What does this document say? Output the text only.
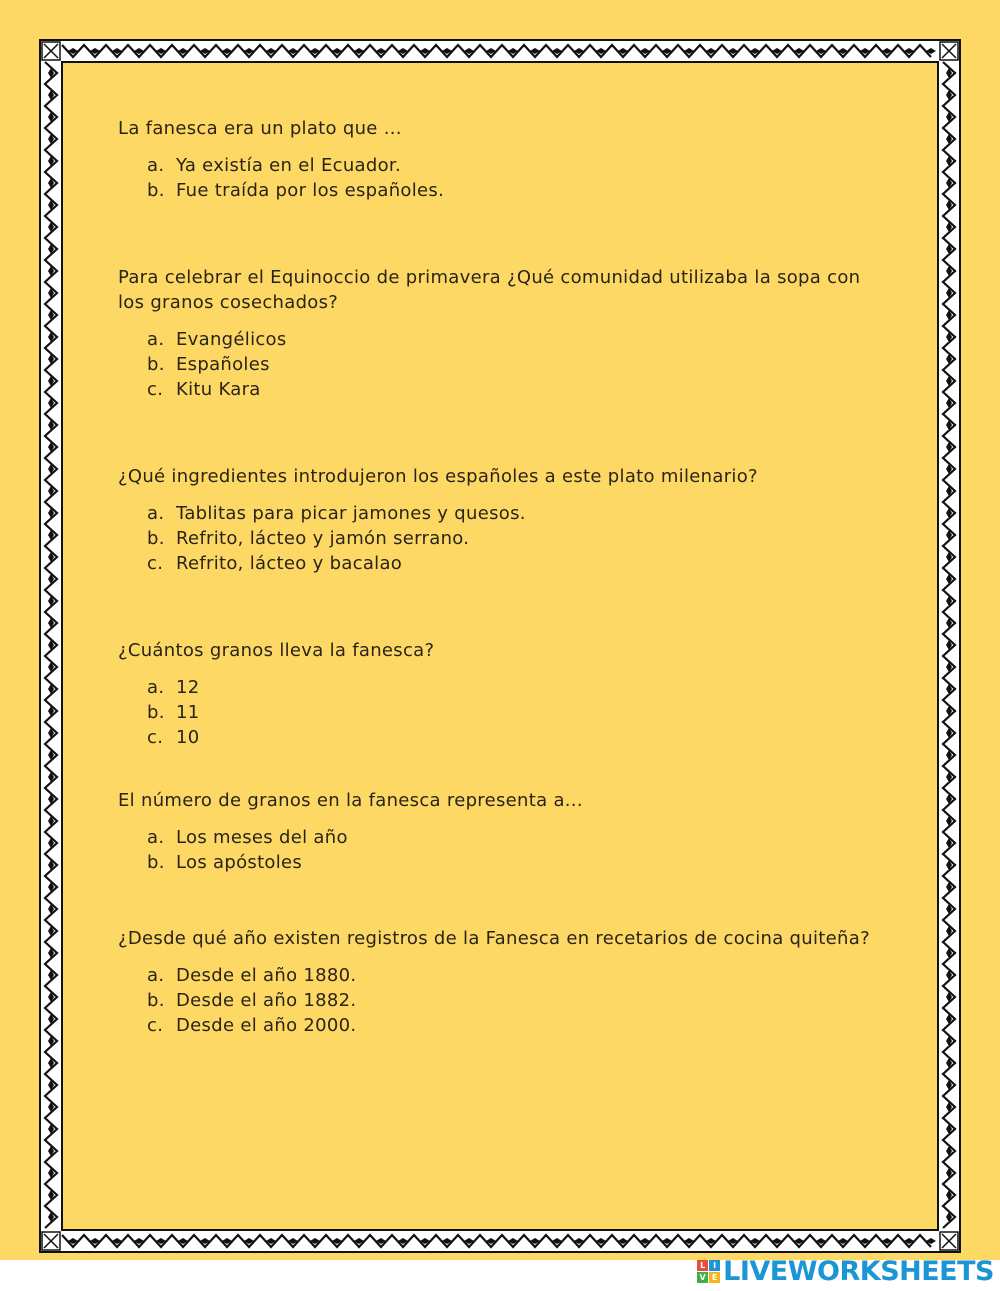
La fanesca era un plato que ...

a. Ya existía en el Ecuador.
b. Fue traída por los españoles.

Para celebrar el Equinoccio de primavera ¿Qué comunidad utilizaba la sopa con los granos cosechados?

a. Evangélicos
b. Españoles
c. Kitu Kara

¿Qué ingredientes introdujeron los españoles a este plato milenario?

a. Tablitas para picar jamones y quesos.
b. Refrito, lácteo y jamón serrano.
c. Refrito, lácteo y bacalao

¿Cuántos granos lleva la fanesca?

a. 12
b. 11
c. 10

El número de granos en la fanesca representa a...

a. Los meses del año
b. Los apóstoles

¿Desde qué año existen registros de la Fanesca en recetarios de cocina quiteña?

a. Desde el año 1880.
b. Desde el año 1882.
c. Desde el año 2000.
L I
V E LIVEWORKSHEETS
